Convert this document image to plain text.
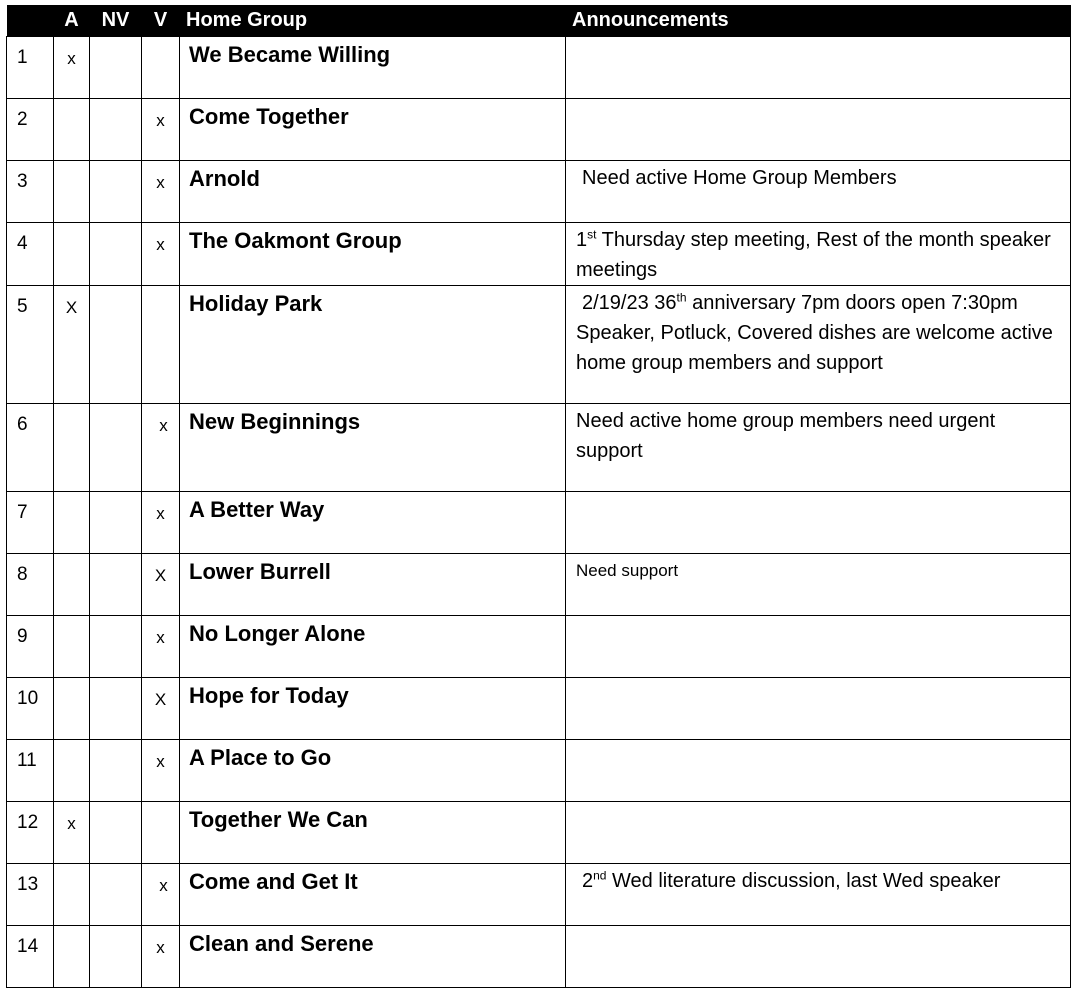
	A	NV	V	Home Group	Announcements
1	x			We Became Willing	
2			x	Come Together	
3			x	Arnold	Need active Home Group Members
4			x	The Oakmont Group	1st Thursday step meeting, Rest of the month speaker meetings
5	X			Holiday Park	2/19/23 36th anniversary 7pm doors open 7:30pm Speaker, Potluck, Covered dishes are welcome active home group members and support
6			x	New Beginnings	Need active home group members need urgent support
7			x	A Better Way	
8			X	Lower Burrell	Need support
9			x	No Longer Alone	
10			X	Hope for Today	
11			x	A Place to Go	
12	x			Together We Can	
13			x	Come and Get It	2nd Wed literature discussion, last Wed speaker
14			x	Clean and Serene	
